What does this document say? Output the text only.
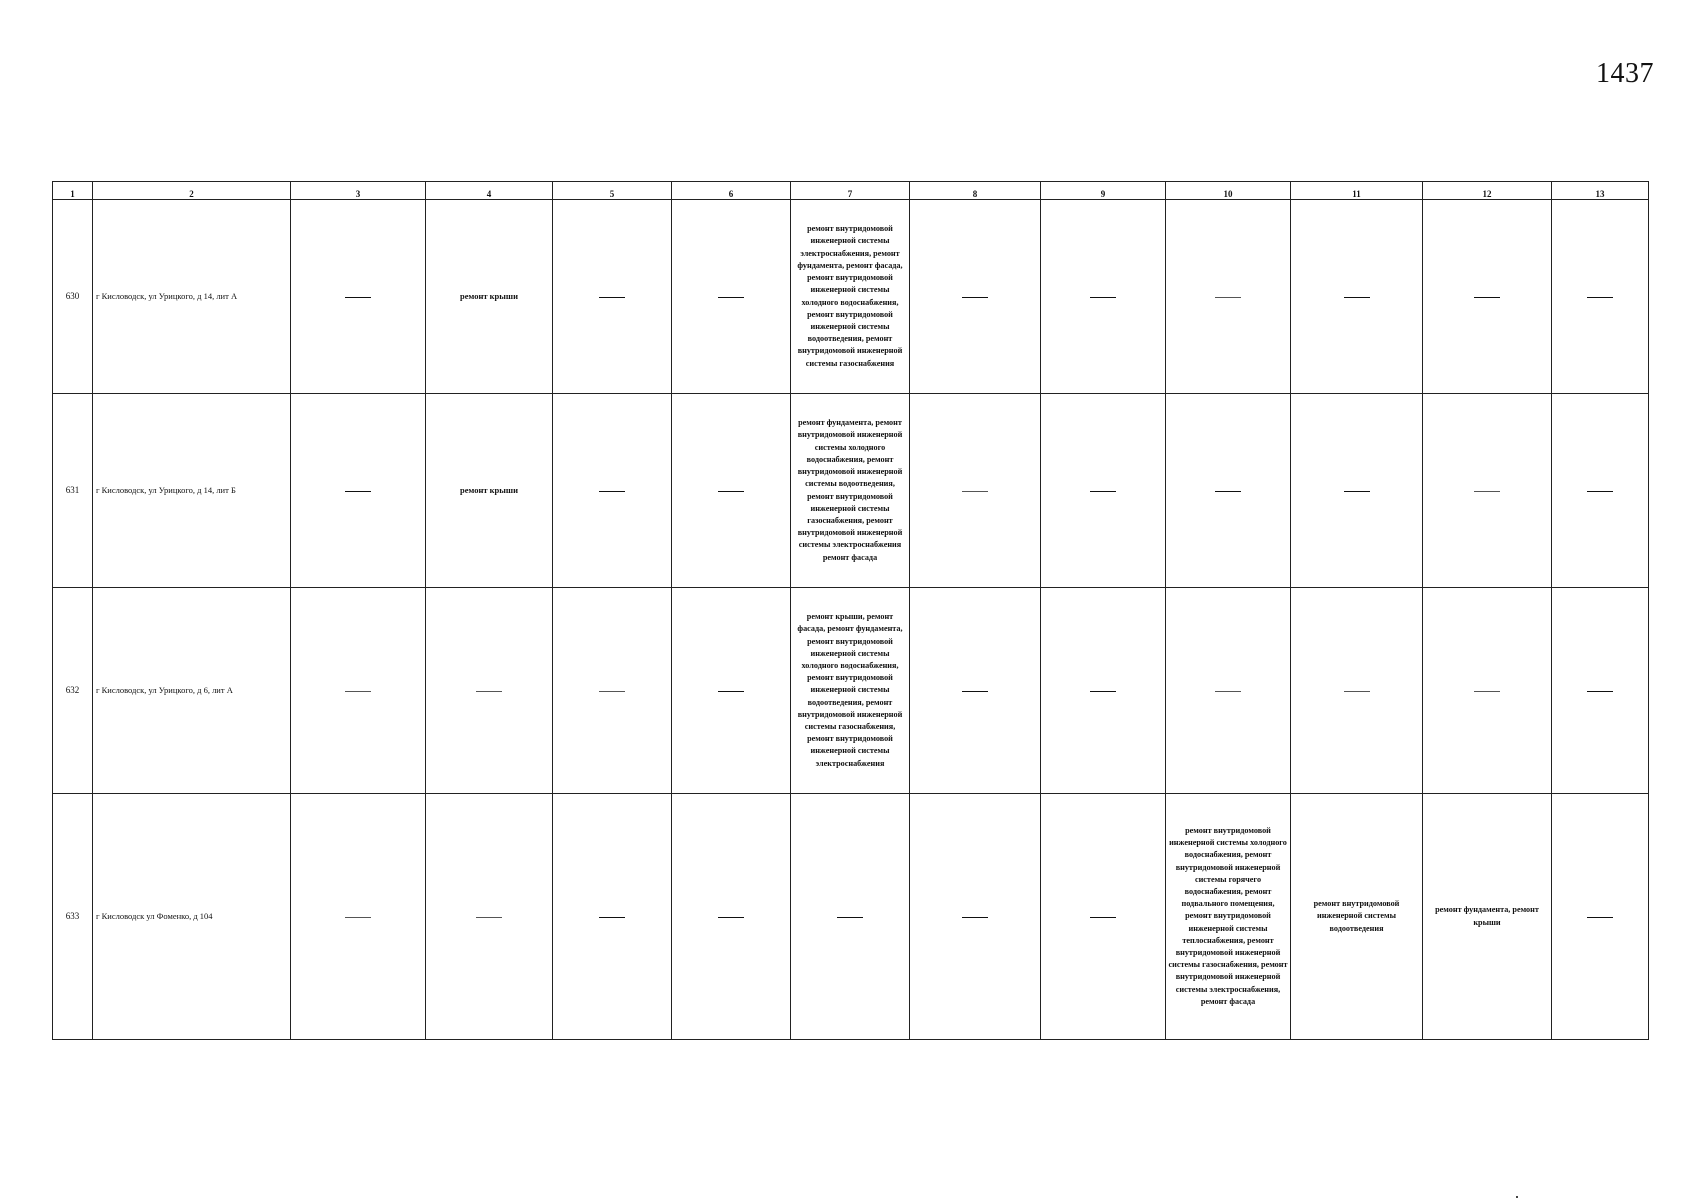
1437
1	2	3	4	5	6	7	8	9	10	11	12	13
630	г Кисловодск, ул Урицкого, д 14, лит А		ремонт крыши			ремонт внутридомовой инженерной системы электроснабжения, ремонт фундамента, ремонт фасада, ремонт внутридомовой инженерной системы холодного водоснабжения, ремонт внутридомовой инженерной системы водоотведения, ремонт внутридомовой инженерной системы газоснабжения						
631	г Кисловодск, ул Урицкого, д 14, лит Б		ремонт крыши			ремонт фундамента, ремонт внутридомовой инженерной системы холодного водоснабжения, ремонт внутридомовой инженерной системы водоотведения, ремонт внутридомовой инженерной системы газоснабжения, ремонт внутридомовой инженерной системы электроснабжения ремонт фасада						
632	г Кисловодск, ул Урицкого, д 6, лит А					ремонт крыши, ремонт фасада, ремонт фундамента, ремонт внутридомовой инженерной системы холодного водоснабжения, ремонт внутридомовой инженерной системы водоотведения, ремонт внутридомовой инженерной системы газоснабжения, ремонт внутридомовой инженерной системы электроснабжения						
633	г Кисловодск ул Фоменко, д 104								ремонт внутридомовой инженерной системы холодного водоснабжения, ремонт внутридомовой инженерной системы горячего водоснабжения, ремонт подвального помещения, ремонт внутридомовой инженерной системы теплоснабжения, ремонт внутридомовой инженерной системы газоснабжения, ремонт внутридомовой инженерной системы электроснабжения, ремонт фасада	ремонт внутридомовой инженерной системы водоотведения	ремонт фундамента, ремонт крыши	
